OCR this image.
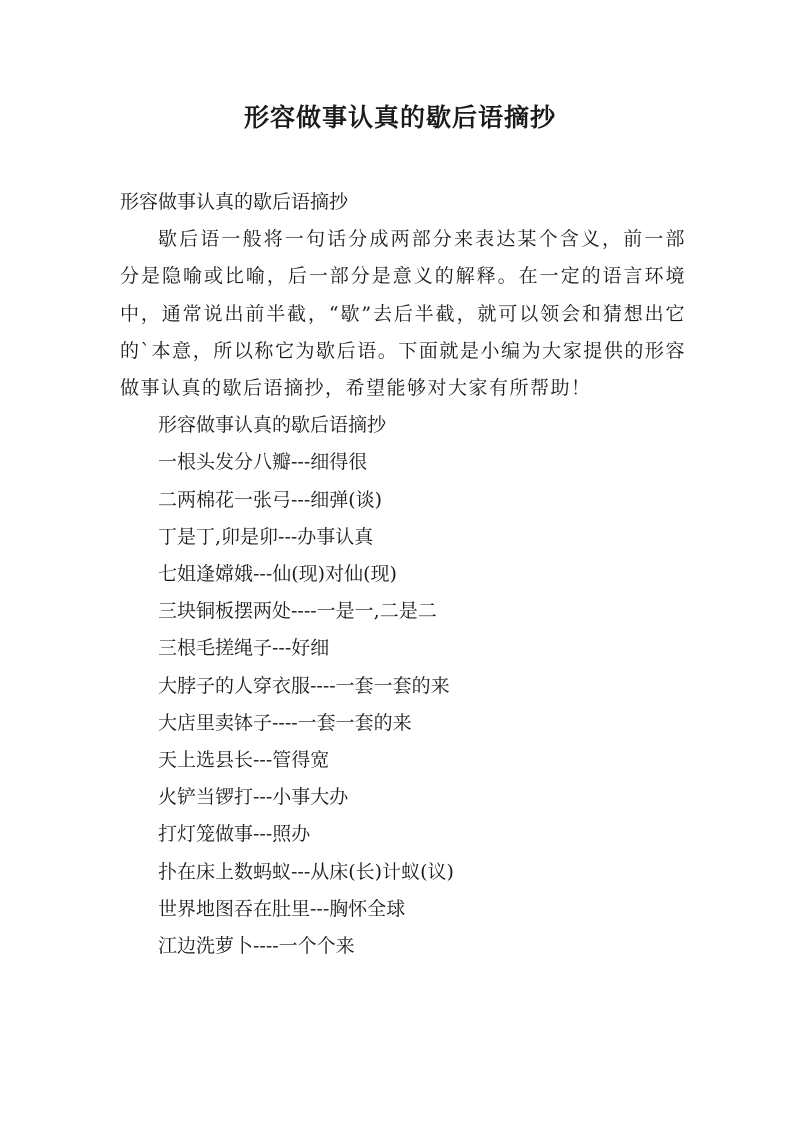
形容做事认真的歇后语摘抄

形容做事认真的歇后语摘抄

歇后语一般将一句话分成两部分来表达某个含义，前一部分是隐喻或比喻，后一部分是意义的解释。在一定的语言环境中，通常说出前半截，“歇”去后半截，就可以领会和猜想出它的`本意，所以称它为歇后语。下面就是小编为大家提供的形容做事认真的歇后语摘抄，希望能够对大家有所帮助！

形容做事认真的歇后语摘抄

一根头发分八瓣---细得很
二两棉花一张弓---细弹(谈)
丁是丁,卯是卯---办事认真
七姐逢嫦娥---仙(现)对仙(现)
三块铜板摆两处----一是一,二是二
三根毛搓绳子---好细
大脖子的人穿衣服----一套一套的来
大店里卖钵子----一套一套的来
天上选县长---管得宽
火铲当锣打---小事大办
打灯笼做事---照办
扑在床上数蚂蚁---从床(长)计蚁(议)
世界地图吞在肚里---胸怀全球
江边洗萝卜----一个个来
